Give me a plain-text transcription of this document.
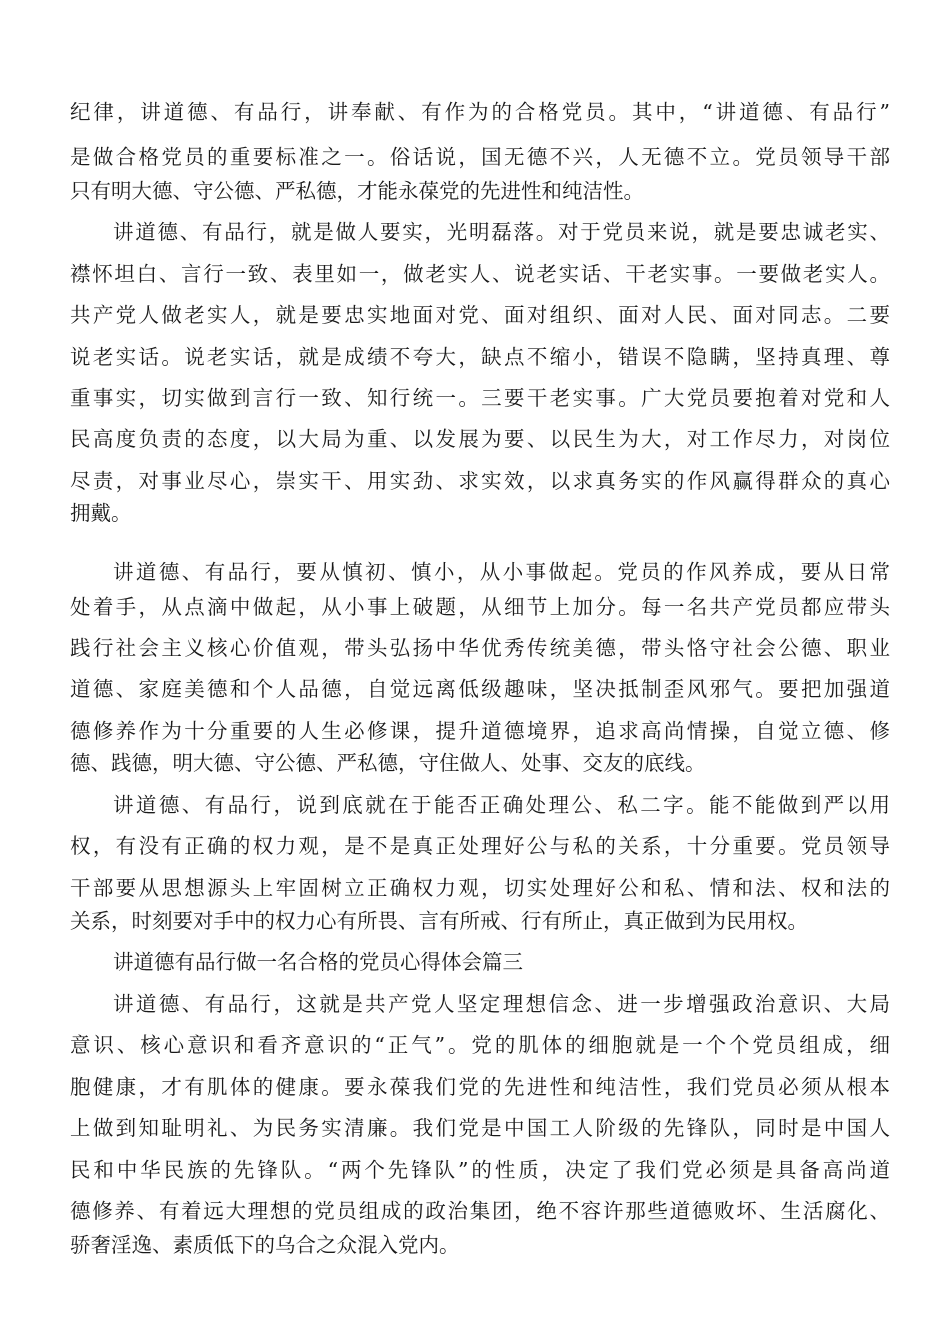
纪律，讲道德、有品行，讲奉献、有作为的合格党员。其中，“讲道德、有品行”
是做合格党员的重要标准之一。俗话说，国无德不兴，人无德不立。党员领导干部
只有明大德、守公德、严私德，才能永葆党的先进性和纯洁性。
讲道德、有品行，就是做人要实，光明磊落。对于党员来说，就是要忠诚老实、
襟怀坦白、言行一致、表里如一，做老实人、说老实话、干老实事。一要做老实人。
共产党人做老实人，就是要忠实地面对党、面对组织、面对人民、面对同志。二要
说老实话。说老实话，就是成绩不夸大，缺点不缩小，错误不隐瞒，坚持真理、尊
重事实，切实做到言行一致、知行统一。三要干老实事。广大党员要抱着对党和人
民高度负责的态度，以大局为重、以发展为要、以民生为大，对工作尽力，对岗位
尽责，对事业尽心，崇实干、用实劲、求实效，以求真务实的作风赢得群众的真心
拥戴。
讲道德、有品行，要从慎初、慎小，从小事做起。党员的作风养成，要从日常
处着手，从点滴中做起，从小事上破题，从细节上加分。每一名共产党员都应带头
践行社会主义核心价值观，带头弘扬中华优秀传统美德，带头恪守社会公德、职业
道德、家庭美德和个人品德，自觉远离低级趣味，坚决抵制歪风邪气。要把加强道
德修养作为十分重要的人生必修课，提升道德境界，追求高尚情操，自觉立德、修
德、践德，明大德、守公德、严私德，守住做人、处事、交友的底线。
讲道德、有品行，说到底就在于能否正确处理公、私二字。能不能做到严以用
权，有没有正确的权力观，是不是真正处理好公与私的关系，十分重要。党员领导
干部要从思想源头上牢固树立正确权力观，切实处理好公和私、情和法、权和法的
关系，时刻要对手中的权力心有所畏、言有所戒、行有所止，真正做到为民用权。
讲道德有品行做一名合格的党员心得体会篇三
讲道德、有品行，这就是共产党人坚定理想信念、进一步增强政治意识、大局
意识、核心意识和看齐意识的“正气”。党的肌体的细胞就是一个个党员组成，细
胞健康，才有肌体的健康。要永葆我们党的先进性和纯洁性，我们党员必须从根本
上做到知耻明礼、为民务实清廉。我们党是中国工人阶级的先锋队，同时是中国人
民和中华民族的先锋队。“两个先锋队”的性质，决定了我们党必须是具备高尚道
德修养、有着远大理想的党员组成的政治集团，绝不容许那些道德败坏、生活腐化、
骄奢淫逸、素质低下的乌合之众混入党内。
